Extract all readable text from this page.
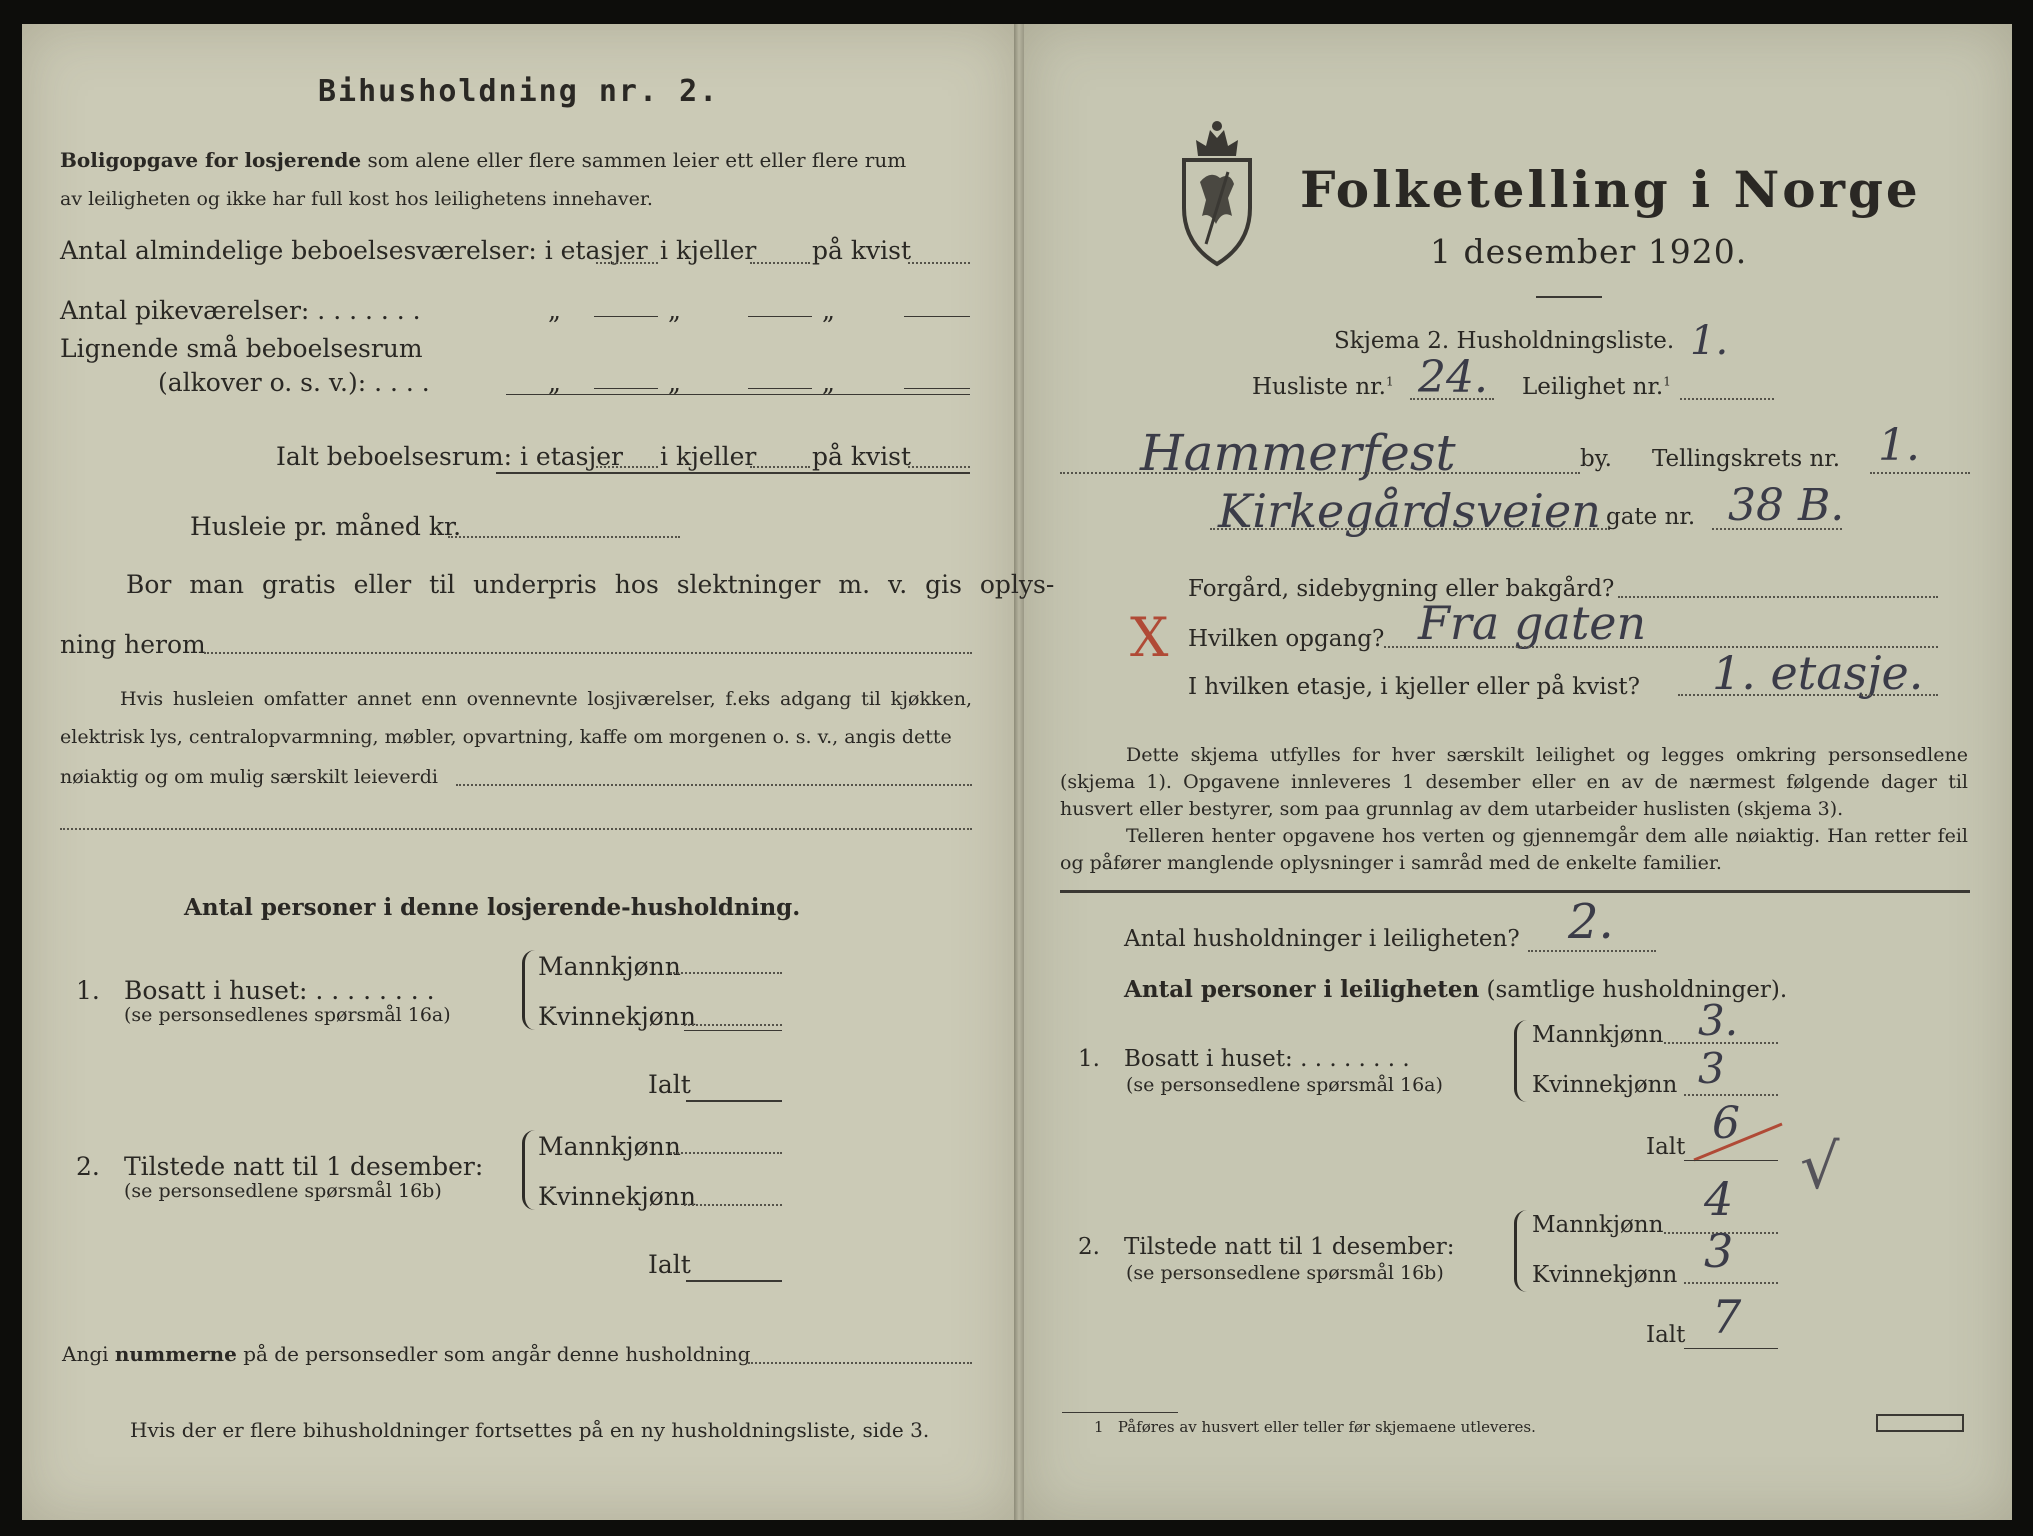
Bihusholdning nr. 2.
Boligopgave for losjerende som alene eller flere sammen leier ett eller flere rum
av leiligheten og ikke har full kost hos leilighetens innehaver.
Antal almindelige beboelsesværelser: i etasjer i kjeller på kvist
Antal pikeværelser: . . . . . . .	„	„	„
Lignende små beboelsesrum
(alkover o. s. v.): . . . .	„	„	„
Ialt beboelsesrum: i etasjer i kjeller på kvist
Husleie pr. måned kr.
Bor man gratis eller til underpris hos slektninger m. v. gis oplys-
ning herom

Hvis husleien omfatter annet enn ovennevnte losjiværelser, f.eks adgang til kjøkken, elektrisk lys, centralopvarmning, møbler, opvartning, kaffe om morgenen o. s. v., angis dette

nøiaktig og om mulig særskilt leieverdi
Antal personer i denne losjerende-husholdning.
1. Bosatt i huset: . . . . . . . .
(se personsedlenes spørsmål 16a)
Mannkjønn
Kvinnekjønn
Ialt
2. Tilstede natt til 1 desember:
(se personsedlene spørsmål 16b)
Mannkjønn
Kvinnekjønn
Ialt
Angi nummerne på de personsedler som angår denne husholdning
Hvis der er flere bihusholdninger fortsettes på en ny husholdningsliste, side 3.
Folketelling i Norge
1 desember 1920.
Skjema 2. Husholdningsliste. 1.
Husliste nr.$^1$ 24. Leilighet nr.$^1$
Hammerfest	by. Tellingskrets nr. 1.
Kirkegårdsveien gate nr. 38 B.
Forgård, sidebygning eller bakgård?
X Hvilken opgang? Fra gaten
I hvilken etasje, i kjeller eller på kvist? 1. etasje.

Dette skjema utfylles for hver særskilt leilighet og legges omkring personsedlene (skjema 1). Opgavene innleveres 1 desember eller en av de nærmest følgende dager til husvert eller bestyrer, som paa grunnlag av dem utarbeider huslisten (skjema 3).

Telleren henter opgavene hos verten og gjennemgår dem alle nøiaktig. Han retter feil og påfører manglende oplysninger i samråd med de enkelte familier.

Antal husholdninger i leiligheten? 2.
Antal personer i leiligheten (samtlige husholdninger).
1. Bosatt i huset: . . . . . . . .
(se personsedlene spørsmål 16a)
Mannkjønn 3.
Kvinnekjønn 3
Ialt 6
√
2. Tilstede natt til 1 desember:
(se personsedlene spørsmål 16b)
Mannkjønn 4
Kvinnekjønn 3
Ialt 7
1 Påføres av husvert eller teller før skjemaene utleveres.
